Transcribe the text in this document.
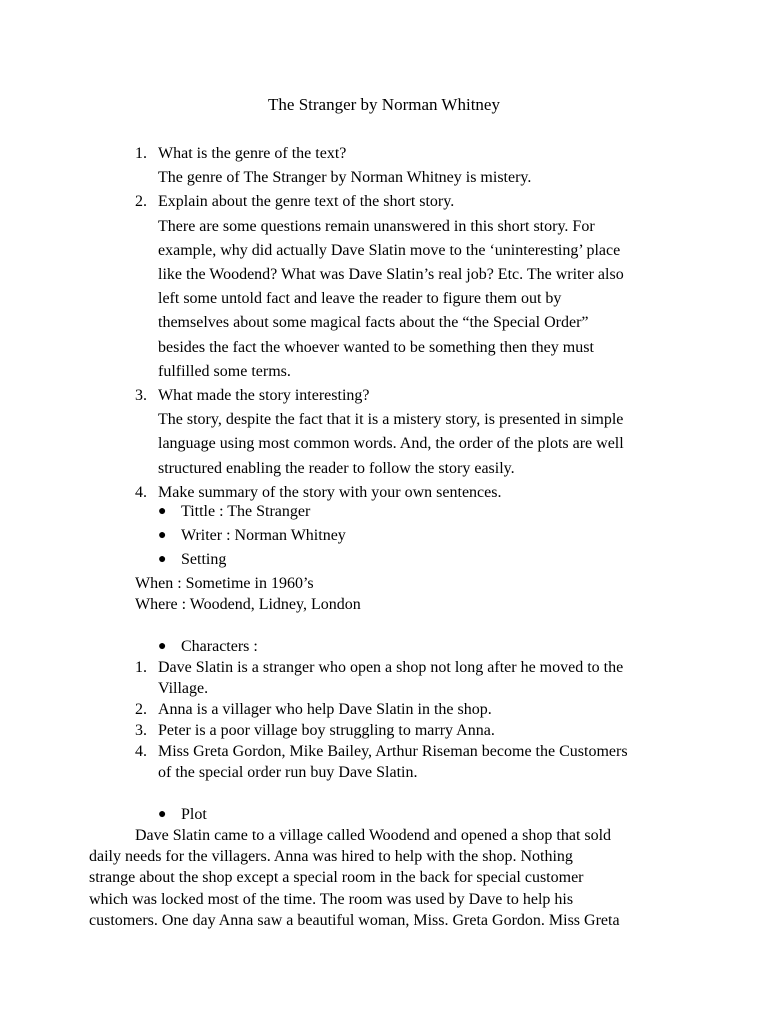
The Stranger by Norman Whitney
1. What is the genre of the text?
The genre of The Stranger by Norman Whitney is mistery.
2. Explain about the genre text of the short story.
There are some questions remain unanswered in this short story. For
example, why did actually Dave Slatin move to the ‘uninteresting’ place
like the Woodend? What was Dave Slatin’s real job? Etc. The writer also
left some untold fact and leave the reader to figure them out by
themselves about some magical facts about the “the Special Order”
besides the fact the whoever wanted to be something then they must
fulfilled some terms.
3. What made the story interesting?
The story, despite the fact that it is a mistery story, is presented in simple
language using most common words. And, the order of the plots are well
structured enabling the reader to follow the story easily.
4. Make summary of the story with your own sentences.
● Tittle : The Stranger
● Writer : Norman Whitney
● Setting
When : Sometime in 1960’s
Where : Woodend, Lidney, London
● Characters :
1. Dave Slatin is a stranger who open a shop not long after he moved to the
Village.
2. Anna is a villager who help Dave Slatin in the shop.
3. Peter is a poor village boy struggling to marry Anna.
4. Miss Greta Gordon, Mike Bailey, Arthur Riseman become the Customers
of the special order run buy Dave Slatin.
● Plot
Dave Slatin came to a village called Woodend and opened a shop that sold
daily needs for the villagers. Anna was hired to help with the shop. Nothing
strange about the shop except a special room in the back for special customer
which was locked most of the time. The room was used by Dave to help his
customers. One day Anna saw a beautiful woman, Miss. Greta Gordon. Miss Greta
